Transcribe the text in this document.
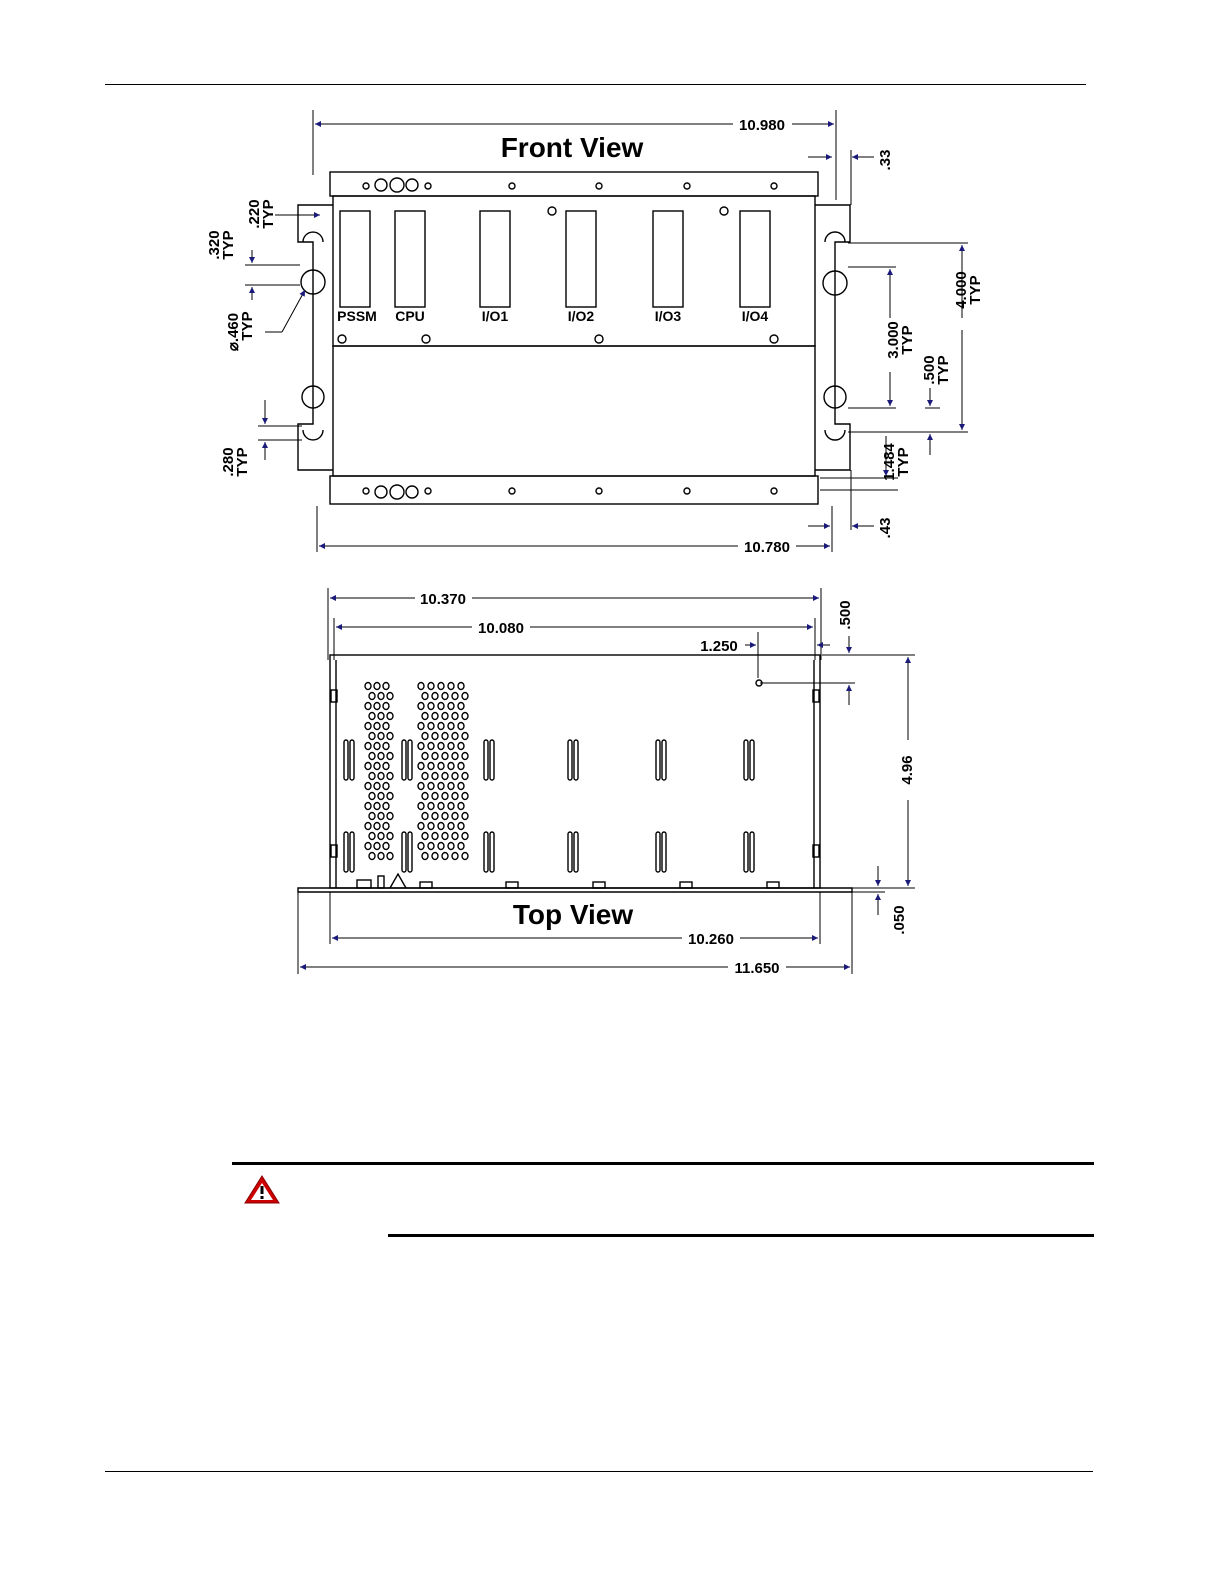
Front View
10.980
PSSM CPU	I/O1	I/O2	I/O3	I/O4
.33
.220
TYP
.320
TYP
⌀.460
TYP
.280
TYP
4.000
TYP
3.000
TYP
.500
TYP
1.484
TYP
.43
10.780
10.370
10.080
1.250
.500
4.96
.050
Top View
10.260
11.650
